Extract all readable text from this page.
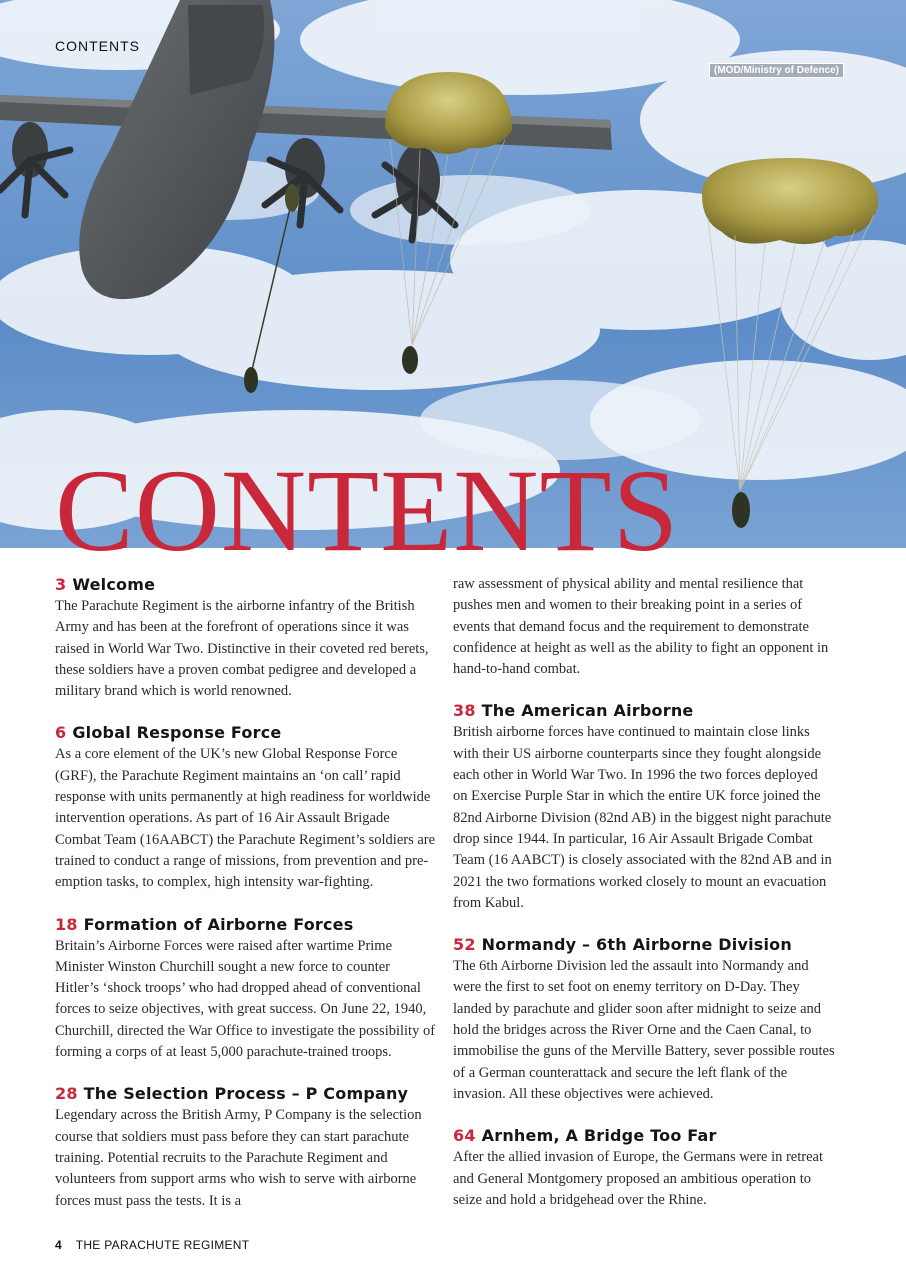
CONTENTS
(MOD/Ministry of Defence)
CONTENTS
3 Welcome

The Parachute Regiment is the airborne infantry of the British Army and has been at the forefront of operations since it was raised in World War Two. Distinctive in their coveted red berets, these soldiers have a proven combat pedigree and developed a military brand which is world renowned.

6 Global Response Force

As a core element of the UK’s new Global Response Force (GRF), the Parachute Regiment maintains an ‘on call’ rapid response with units permanently at high readiness for worldwide intervention operations. As part of 16 Air Assault Brigade Combat Team (16AABCT) the Parachute Regiment’s soldiers are trained to conduct a range of missions, from prevention and pre-emption tasks, to complex, high intensity war-fighting.

18 Formation of Airborne Forces

Britain’s Airborne Forces were raised after wartime Prime Minister Winston Churchill sought a new force to counter Hitler’s ‘shock troops’ who had dropped ahead of conventional forces to seize objectives, with great success. On June 22, 1940, Churchill, directed the War Office to investigate the possibility of forming a corps of at least 5,000 parachute-trained troops.

28 The Selection Process – P Company

Legendary across the British Army, P Company is the selection course that soldiers must pass before they can start parachute training. Potential recruits to the Parachute Regiment and volunteers from support arms who wish to serve with airborne forces must pass the tests. It is a

raw assessment of physical ability and mental resilience that pushes men and women to their breaking point in a series of events that demand focus and the requirement to demonstrate confidence at height as well as the ability to fight an opponent in hand-to-hand combat.

38 The American Airborne

British airborne forces have continued to maintain close links with their US airborne counterparts since they fought alongside each other in World War Two. In 1996 the two forces deployed on Exercise Purple Star in which the entire UK force joined the 82nd Airborne Division (82nd AB) in the biggest night parachute drop since 1944. In particular, 16 Air Assault Brigade Combat Team (16 AABCT) is closely associated with the 82nd AB and in 2021 the two formations worked closely to mount an evacuation from Kabul.

52 Normandy – 6th Airborne Division

The 6th Airborne Division led the assault into Normandy and were the first to set foot on enemy territory on D-Day. They landed by parachute and glider soon after midnight to seize and hold the bridges across the River Orne and the Caen Canal, to immobilise the guns of the Merville Battery, sever possible routes of a German counterattack and secure the left flank of the invasion. All these objectives were achieved.

64 Arnhem, A Bridge Too Far

After the allied invasion of Europe, the Germans were in retreat and General Montgomery proposed an ambitious operation to seize and hold a bridgehead over the Rhine.

4 THE PARACHUTE REGIMENT
